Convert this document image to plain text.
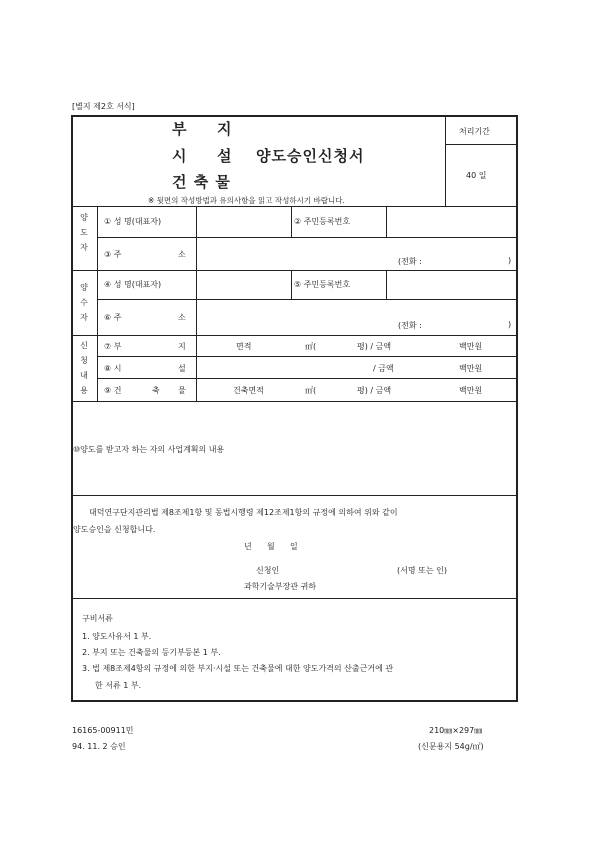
[별지 제2호 서식]
부 지
시 설 양도승인신청서
건 축 물
※ 뒷면의 작성방법과 유의사항을 읽고 작성하시기 바랍니다.
처리기간
40 일
양
도
자
① 성 명(대표자)	② 주민등록번호
③ 주	소
(전화 :	)
양
수
자
④ 성 명(대표자)	⑤ 주민등록번호
⑥ 주	소
(전화 :	)
신
청
내
용
⑦ 부	지	면적	㎡(	평) / 금액	백만원
⑧ 시	설	/ 금액	백만원
⑨ 건	축 물	건축면적	㎡(	평) / 금액	백만원
⑩양도를 받고자 하는 자의 사업계획의 내용
대덕연구단지관리법 제8조제1항 및 동법시행령 제12조제1항의 규정에 의하여 위와 같이
양도승인을 신청합니다.
년      월      일
신청인	(서명 또는 인)
과학기술부장관 귀하
구비서류
1. 양도사유서 1 부.
2. 부지 또는 건축물의 등기부등본 1 부.
3. 법 제8조제4항의 규정에 의한 부지·시설 또는 건축물에 대한 양도가격의 산출근거에 관
한 서류 1 부.
16165-00911민
94. 11. 2 승인
210㎜×297㎜
(신문용지 54g/㎡)
